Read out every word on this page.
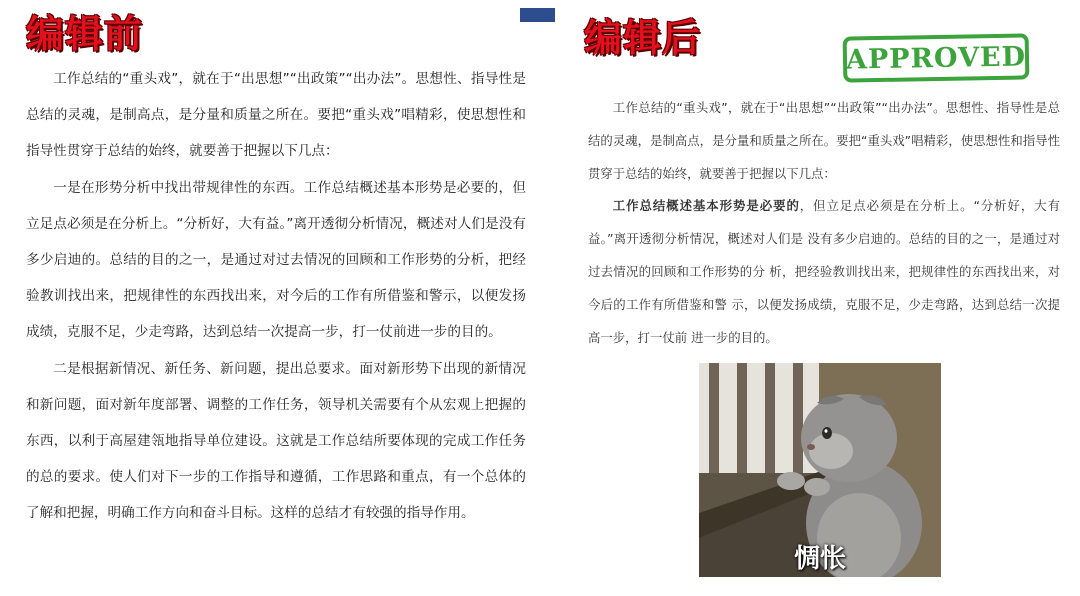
编辑前

工作总结的“重头戏”，就在于“出思想”“出政策”“出办法”。思想性、指导性是总结的灵魂，是制高点，是分量和质量之所在。要把“重头戏”唱精彩，使思想性和指导性贯穿于总结的始终，就要善于把握以下几点：

一是在形势分析中找出带规律性的东西。工作总结概述基本形势是必要的，但立足点必须是在分析上。“分析好，大有益。”离开透彻分析情况，概述对人们是没有多少启迪的。总结的目的之一，是通过对过去情况的回顾和工作形势的分析，把经验教训找出来，把规律性的东西找出来，对今后的工作有所借鉴和警示，以便发扬成绩，克服不足，少走弯路，达到总结一次提高一步，打一仗前进一步的目的。

二是根据新情况、新任务、新问题，提出总要求。面对新形势下出现的新情况和新问题，面对新年度部署、调整的工作任务，领导机关需要有个从宏观上把握的东西，以利于高屋建瓴地指导单位建设。这就是工作总结所要体现的完成工作任务的总的要求。使人们对下一步的工作指导和遵循，工作思路和重点，有一个总体的了解和把握，明确工作方向和奋斗目标。这样的总结才有较强的指导作用。

编辑后	APPROVED

工作总结的“重头戏”，就在于“出思想”“出政策”“出办法”。思想性、指导性是总结的灵魂，是制高点，是分量和质量之所在。要把“重头戏”唱精彩，使思想性和指导性贯穿于总结的始终，就要善于把握以下几点：

工作总结概述基本形势是必要的，但立足点必须是在分析上。“分析好，大有益。”离开透彻分析情况，概述对人们是 没有多少启迪的。总结的目的之一，是通过对过去情况的回顾和工作形势的分 析，把经验教训找出来，把规律性的东西找出来，对今后的工作有所借鉴和警 示，以便发扬成绩，克服不足，少走弯路，达到总结一次提高一步，打一仗前 进一步的目的。

惆怅
